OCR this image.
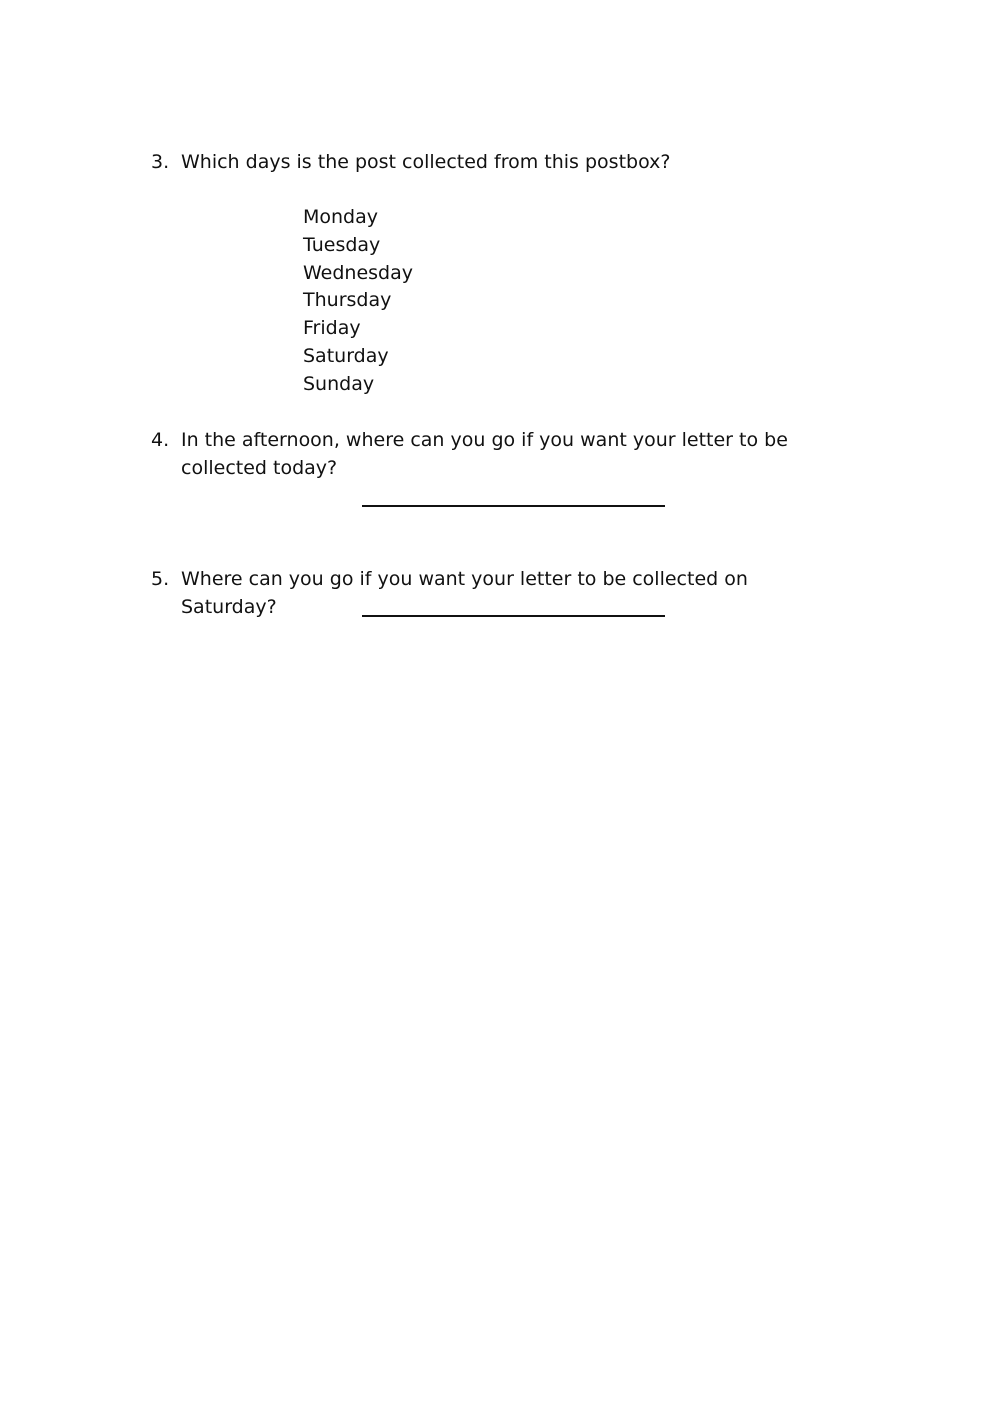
3. Which days is the post collected from this postbox?
Monday
Tuesday
Wednesday
Thursday
Friday
Saturday
Sunday
4. In the afternoon, where can you go if you want your letter to be collected today?
5. Where can you go if you want your letter to be collected on Saturday?
